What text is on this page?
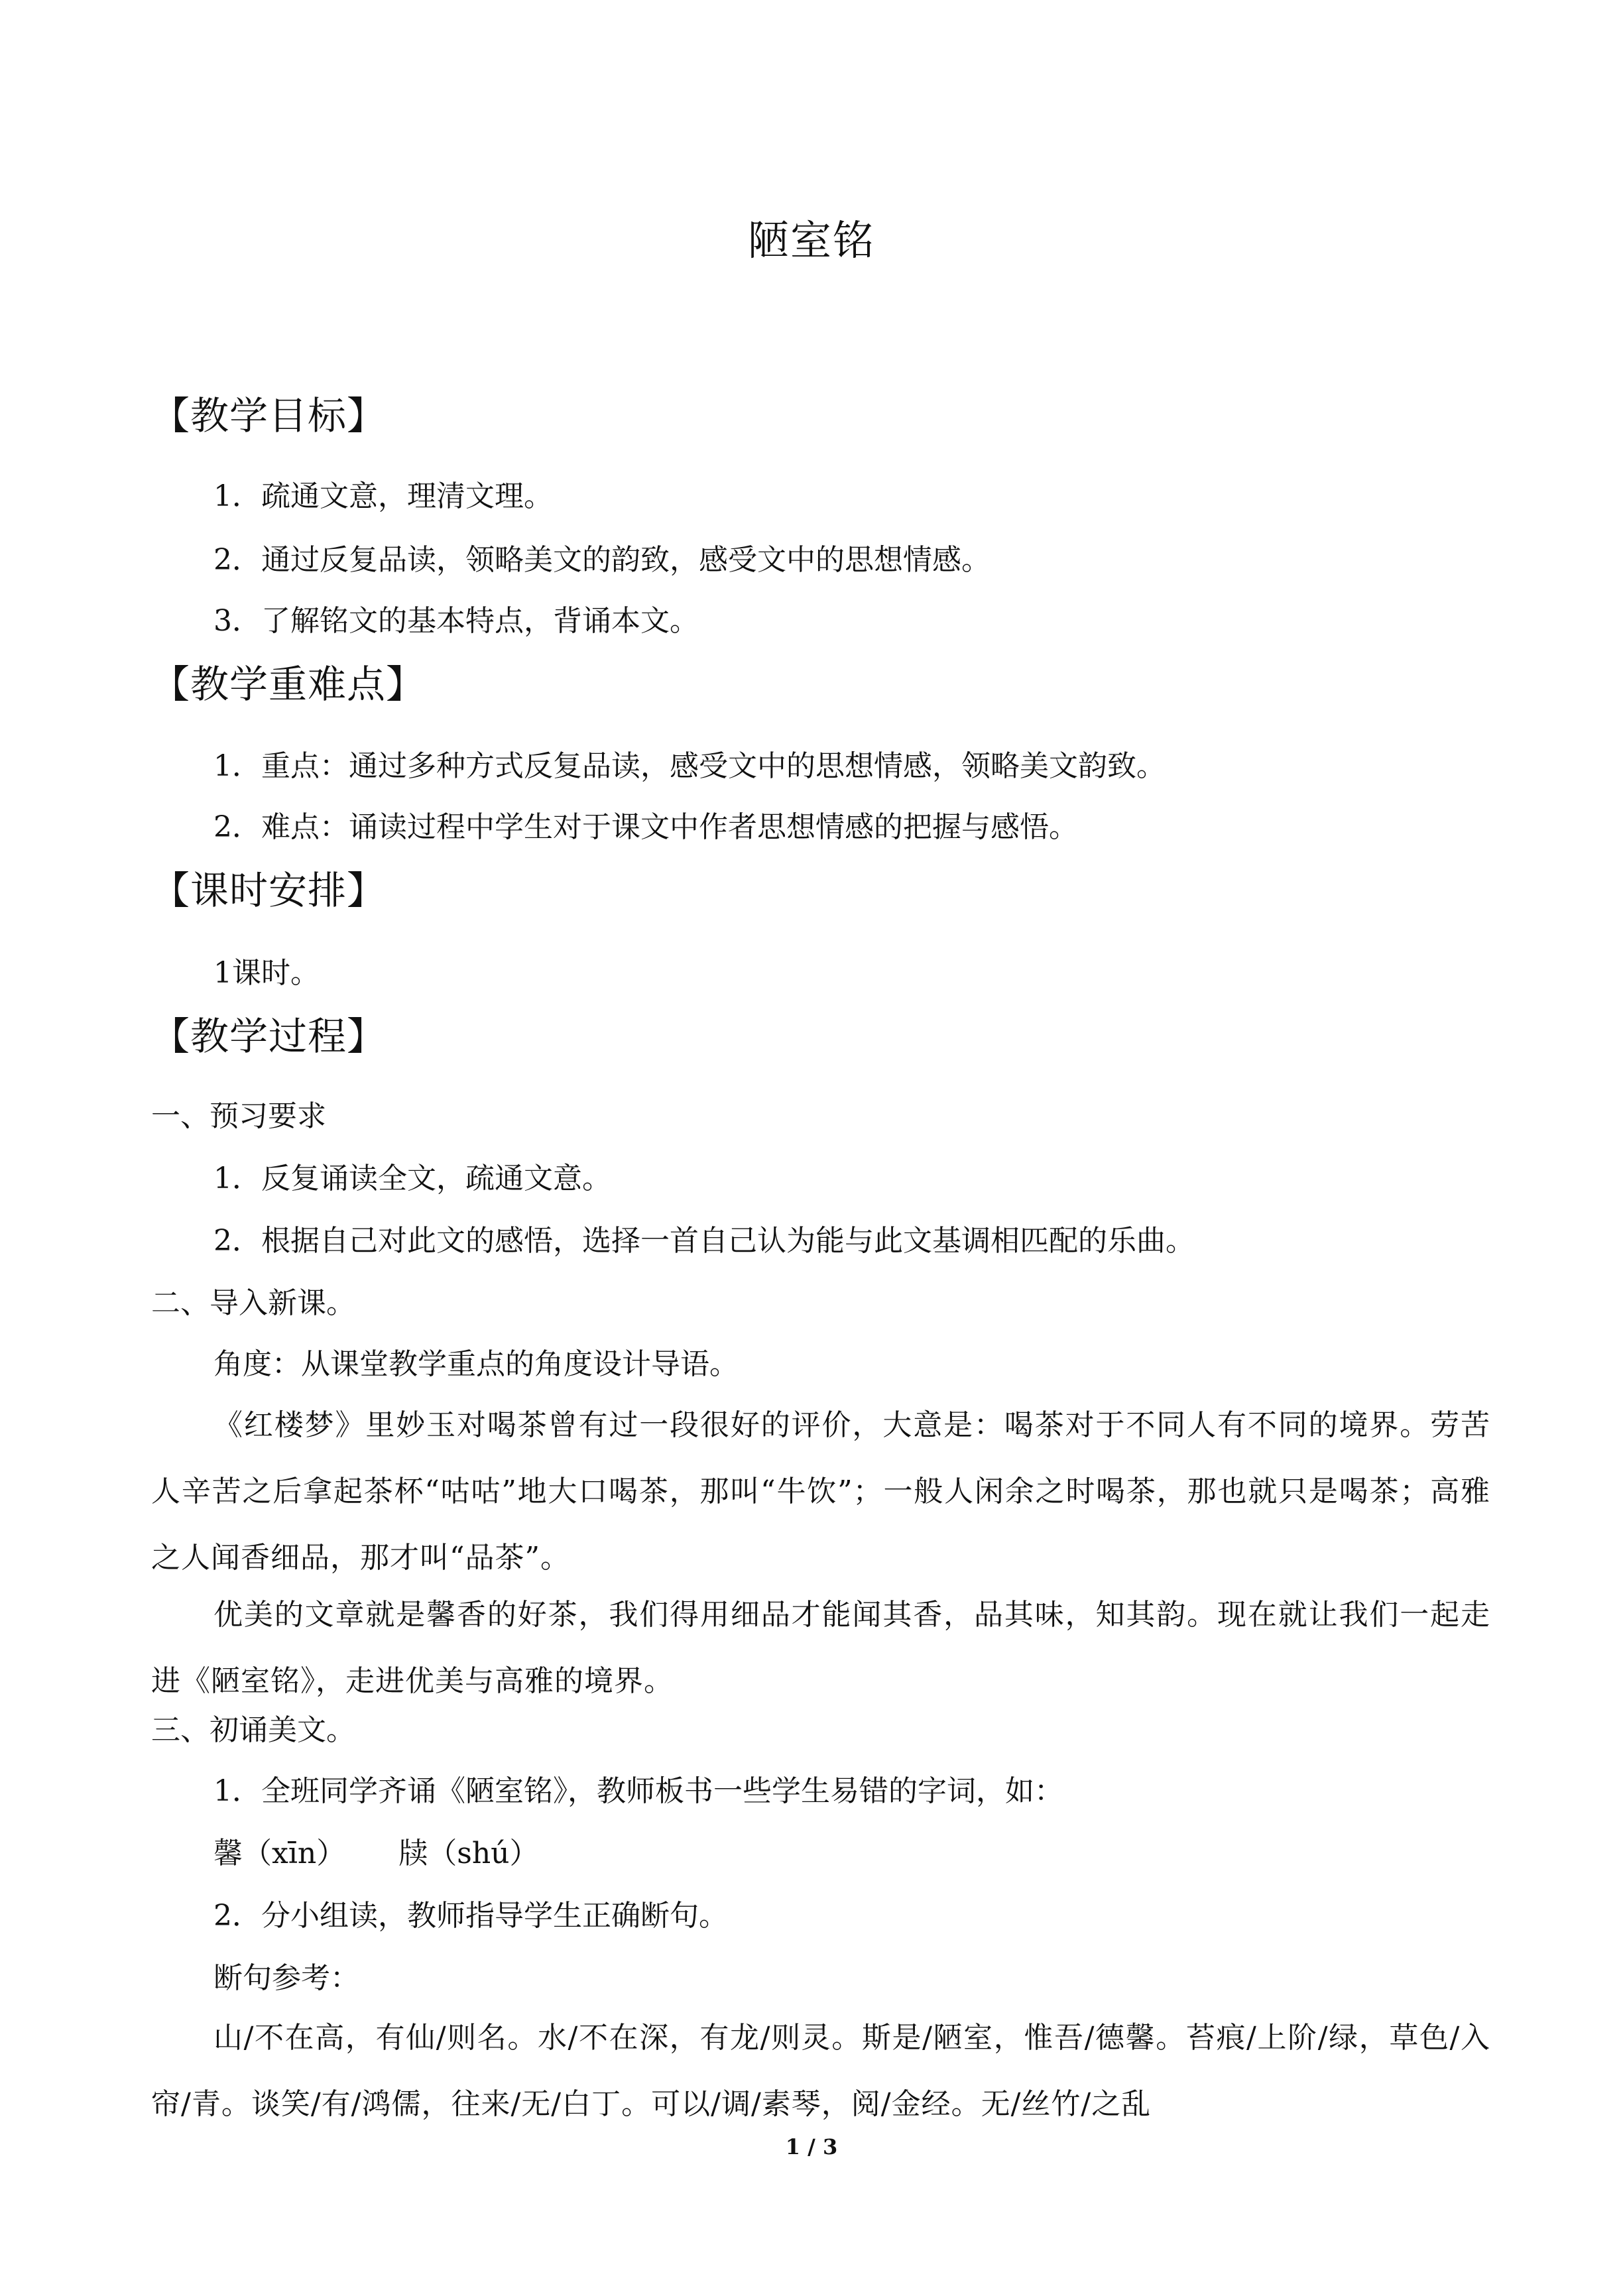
陋室铭
【教学目标】
1．疏通文意，理清文理。
2．通过反复品读，领略美文的韵致，感受文中的思想情感。
3．了解铭文的基本特点，背诵本文。
【教学重难点】
1．重点：通过多种方式反复品读，感受文中的思想情感，领略美文韵致。
2．难点：诵读过程中学生对于课文中作者思想情感的把握与感悟。
【课时安排】
1课时。
【教学过程】
一、预习要求
1．反复诵读全文，疏通文意。
2．根据自己对此文的感悟，选择一首自己认为能与此文基调相匹配的乐曲。
二、导入新课。
角度：从课堂教学重点的角度设计导语。
《红楼梦》里妙玉对喝茶曾有过一段很好的评价，大意是：喝茶对于不同人有不同的境界。劳苦人辛苦之后拿起茶杯“咕咕”地大口喝茶，那叫“牛饮”；一般人闲余之时喝茶，那也就只是喝茶；高雅之人闻香细品，那才叫“品茶”。
优美的文章就是馨香的好茶，我们得用细品才能闻其香，品其味，知其韵。现在就让我们一起走进《陋室铭》，走进优美与高雅的境界。
三、初诵美文。
1．全班同学齐诵《陋室铭》，教师板书一些学生易错的字词，如：
馨（xīn） 牍（shú）
2．分小组读，教师指导学生正确断句。
断句参考：
山/不在高，有仙/则名。水/不在深，有龙/则灵。斯是/陋室，惟吾/德馨。苔痕/上阶/绿，草色/入帘/青。谈笑/有/鸿儒，往来/无/白丁。可以/调/素琴，阅/金经。无/丝竹/之乱
1 / 3
